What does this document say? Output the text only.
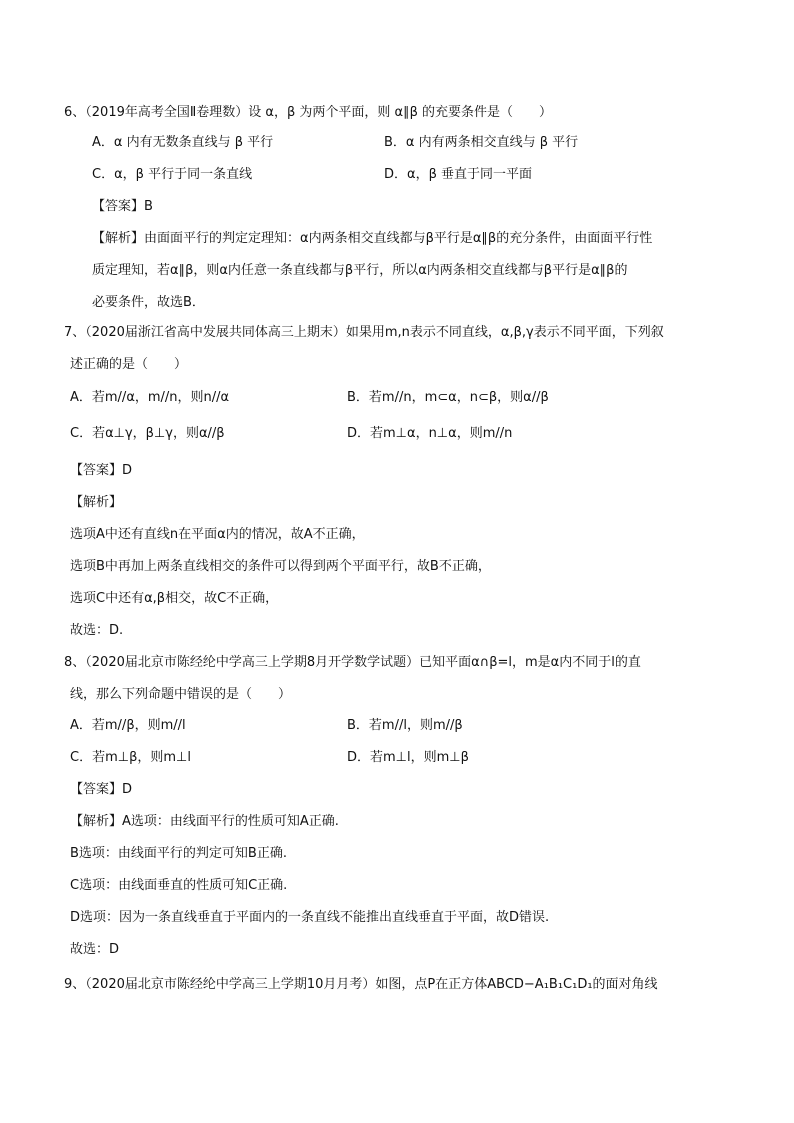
6、（2019年高考全国Ⅱ卷理数）设 α，β 为两个平面，则 α∥β 的充要条件是（　　）
A．α 内有无数条直线与 β 平行	B．α 内有两条相交直线与 β 平行
C．α，β 平行于同一条直线	D．α，β 垂直于同一平面
【答案】B
【解析】由面面平行的判定定理知：α内两条相交直线都与β平行是α∥β的充分条件，由面面平行性
质定理知，若α∥β，则α内任意一条直线都与β平行，所以α内两条相交直线都与β平行是α∥β的
必要条件，故选B．
7、（2020届浙江省高中发展共同体高三上期末）如果用m,n表示不同直线，α,β,γ表示不同平面，下列叙
述正确的是（　　）
A．若m//α，m//n，则n//α	B．若m//n，m⊂α，n⊂β，则α//β
C．若α⊥γ，β⊥γ，则α//β	D．若m⊥α，n⊥α，则m//n
【答案】D
【解析】
选项A中还有直线n在平面α内的情况，故A不正确，
选项B中再加上两条直线相交的条件可以得到两个平面平行，故B不正确，
选项C中还有α,β相交，故C不正确，
故选：D.
8、（2020届北京市陈经纶中学高三上学期8月开学数学试题）已知平面α∩β=l，m是α内不同于l的直
线，那么下列命题中错误的是（　　）
A．若m//β，则m//l	B．若m//l，则m//β
C．若m⊥β，则m⊥l	D．若m⊥l，则m⊥β
【答案】D
【解析】A选项：由线面平行的性质可知A正确.
B选项：由线面平行的判定可知B正确.
C选项：由线面垂直的性质可知C正确.
D选项：因为一条直线垂直于平面内的一条直线不能推出直线垂直于平面，故D错误.
故选：D
9、（2020届北京市陈经纶中学高三上学期10月月考）如图，点P在正方体ABCD−A₁B₁C₁D₁的面对角线
